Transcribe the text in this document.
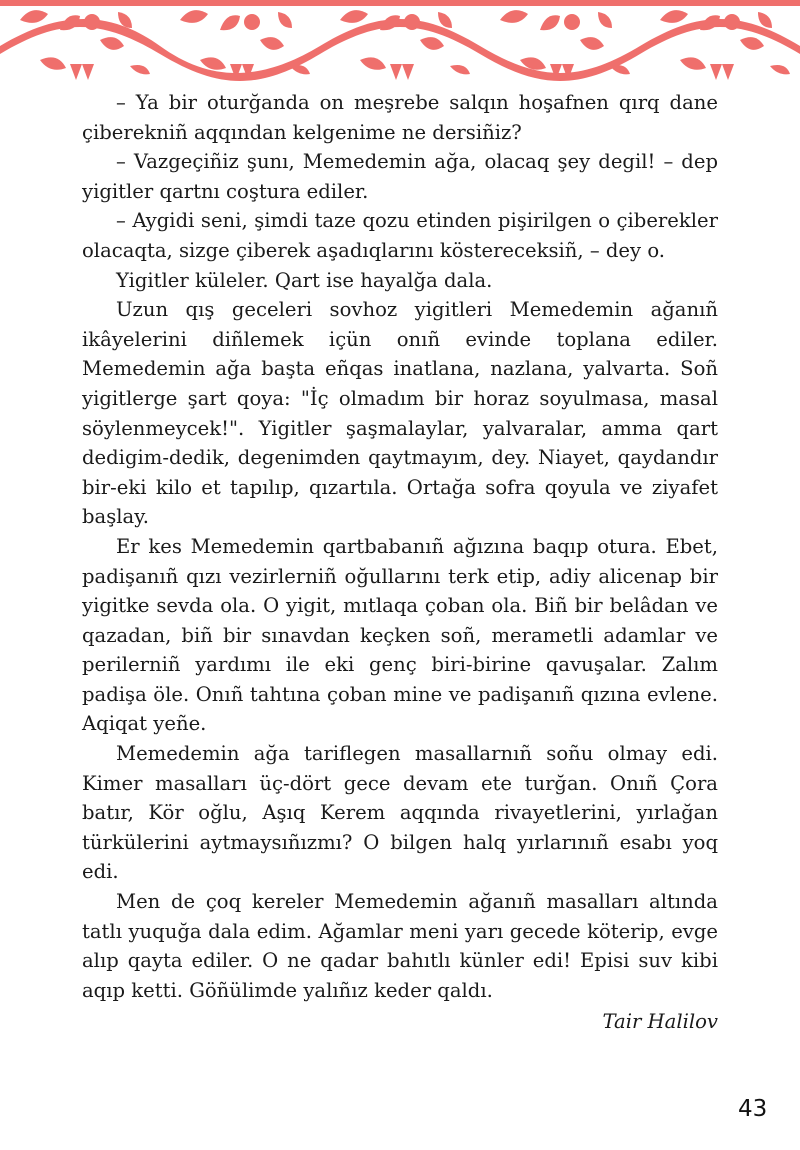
– Ya bir oturğanda on meşrebe salqın hoşafnen qırq dane çiberekniñ aqqından kelgenime ne dersiñiz?

– Vazgeçiñiz şunı, Memedemin ağa, olacaq şey degil! – dep yigitler qartnı coştura ediler.

– Aygidi seni, şimdi taze qozu etinden pişirilgen o çiberekler olacaqta, sizge çiberek aşadıqlarını köstereceksiñ, – dey o.

Yigitler küleler. Qart ise hayalğa dala.

Uzun qış geceleri sovhoz yigitleri Memedemin ağanıñ ikâyelerini diñlemek içün onıñ evinde toplana ediler. Memedemin ağa başta eñqas inatlana, nazlana, yalvarta. Soñ yigitlerge şart qoya: "İç olmadım bir horaz soyulmasa, masal söylenmeycek!". Yigitler şaşmalaylar, yalvaralar, amma qart dedigim-dedik, degenimden qaytmayım, dey. Niayet, qaydandır bir-eki kilo et tapılıp, qızartıla. Ortağa sofra qoyula ve ziyafet başlay.

Er kes Memedemin qartbabanıñ ağızına baqıp otura. Ebet, padişanıñ qızı vezirlerniñ oğullarını terk etip, adiy alicenap bir yigitke sevda ola. O yigit, mıtlaqa çoban ola. Biñ bir belâdan ve qazadan, biñ bir sınavdan keçken soñ, merametli adamlar ve perilerniñ yardımı ile eki genç biri-birine qavuşalar. Zalım padişa öle. Onıñ tahtına çoban mine ve padişanıñ qızına evlene. Aqiqat yeñe.

Memedemin ağa tariflegen masallarnıñ soñu olmay edi. Kimer masalları üç-dört gece devam ete turğan. Onıñ Çora batır, Kör oğlu, Aşıq Kerem aqqında rivayetlerini, yırlağan türkülerini aytmaysıñızmı? O bilgen halq yırlarınıñ esabı yoq edi.

Men de çoq kereler Memedemin ağanıñ masalları altında tatlı yuquğa dala edim. Ağamlar meni yarı gecede köterip, evge alıp qayta ediler. O ne qadar bahıtlı künler edi! Episi suv kibi aqıp ketti. Göñülimde yalıñız keder qaldı.

Tair Halilov
43
